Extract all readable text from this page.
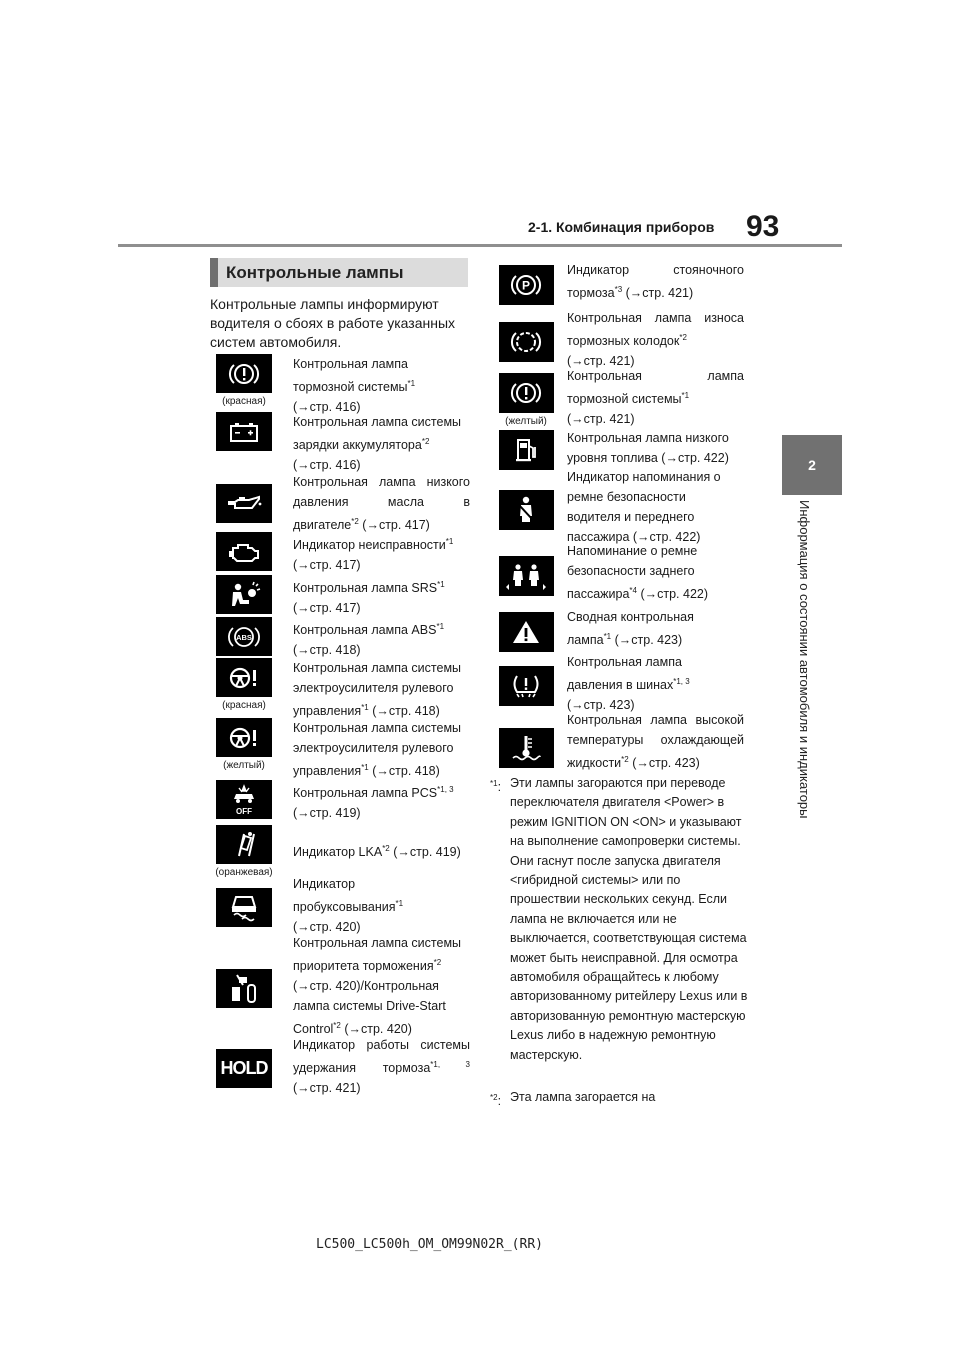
93
2-1. Комбинация приборов
2
Информация о состоянии автомобиля и индикаторы
Контрольные лампы
Контрольные лампы информируют водителя о сбоях в работе указанных систем автомобиля.
(красная)
Контрольная лампа
тормозной системы$^{*1}$
(→стр. 416)
Контрольная лампа системы
зарядки аккумулятора$^{*2}$
(→стр. 416)
Контрольная лампа низкого
давления масла в
двигателе$^{*2}$ (→стр. 417)
Индикатор неисправности$^{*1}$
(→стр. 417)
Контрольная лампа SRS$^{*1}$
(→стр. 417)
ABS	Контрольная лампа ABS$^{*1}$
(→стр. 418)
(красная)
Контрольная лампа системы
электроусилителя рулевого
управления$^{*1}$ (→стр. 418)
(желтый)
Контрольная лампа системы
электроусилителя рулевого
управления$^{*1}$ (→стр. 418)
OFF
Контрольная лампа PCS$^{*1, 3}$
(→стр. 419)
(оранжевая)
Индикатор LKA$^{*2}$ (→стр. 419)
Индикатор
пробуксовывания$^{*1}$
(→стр. 420)
Контрольная лампа системы
приоритета торможения$^{*2}$
(→стр. 420)/Контрольная
лампа системы Drive-Start
Control$^{*2}$ (→стр. 420)
HOLD
Индикатор работы системы
удержания тормоза$^{*1, 3}$
(→стр. 421)
P
Индикатор стояночного
тормоза$^{*3}$ (→стр. 421)
Контрольная лампа износа
тормозных колодок$^{*2}$
(→стр. 421)
(желтый)
Контрольная лампа
тормозной системы$^{*1}$
(→стр. 421)
Контрольная лампа низкого
уровня топлива (→стр. 422)
Индикатор напоминания о
ремне безопасности
водителя и переднего
пассажира (→стр. 422)
Напоминание о ремне
безопасности заднего
пассажира$^{*4}$ (→стр. 422)
Сводная контрольная
лампа$^{*1}$ (→стр. 423)
Контрольная лампа
давления в шинах$^{*1, 3}$
(→стр. 423)
Контрольная лампа высокой
температуры охлаждающей
жидкости$^{*2}$ (→стр. 423)
$^{*1}$: Эти лампы загораются при переводе переключателя двигателя <Power> в режим IGNITION ON <ON> и указывают на выполнение самопроверки системы. Они гаснут после запуска двигателя <гибридной системы> или по прошествии нескольких секунд. Если лампа не включается или не выключается, соответствующая система может быть неисправной. Для осмотра автомобиля обращайтесь к любому авторизованному ритейлеру Lexus или в авторизованную ремонтную мастерскую Lexus либо в надежную ремонтную мастерскую.
$^{*2}$: Эта лампа загорается на
LC500_LC500h_OM_OM99N02R_(RR)
